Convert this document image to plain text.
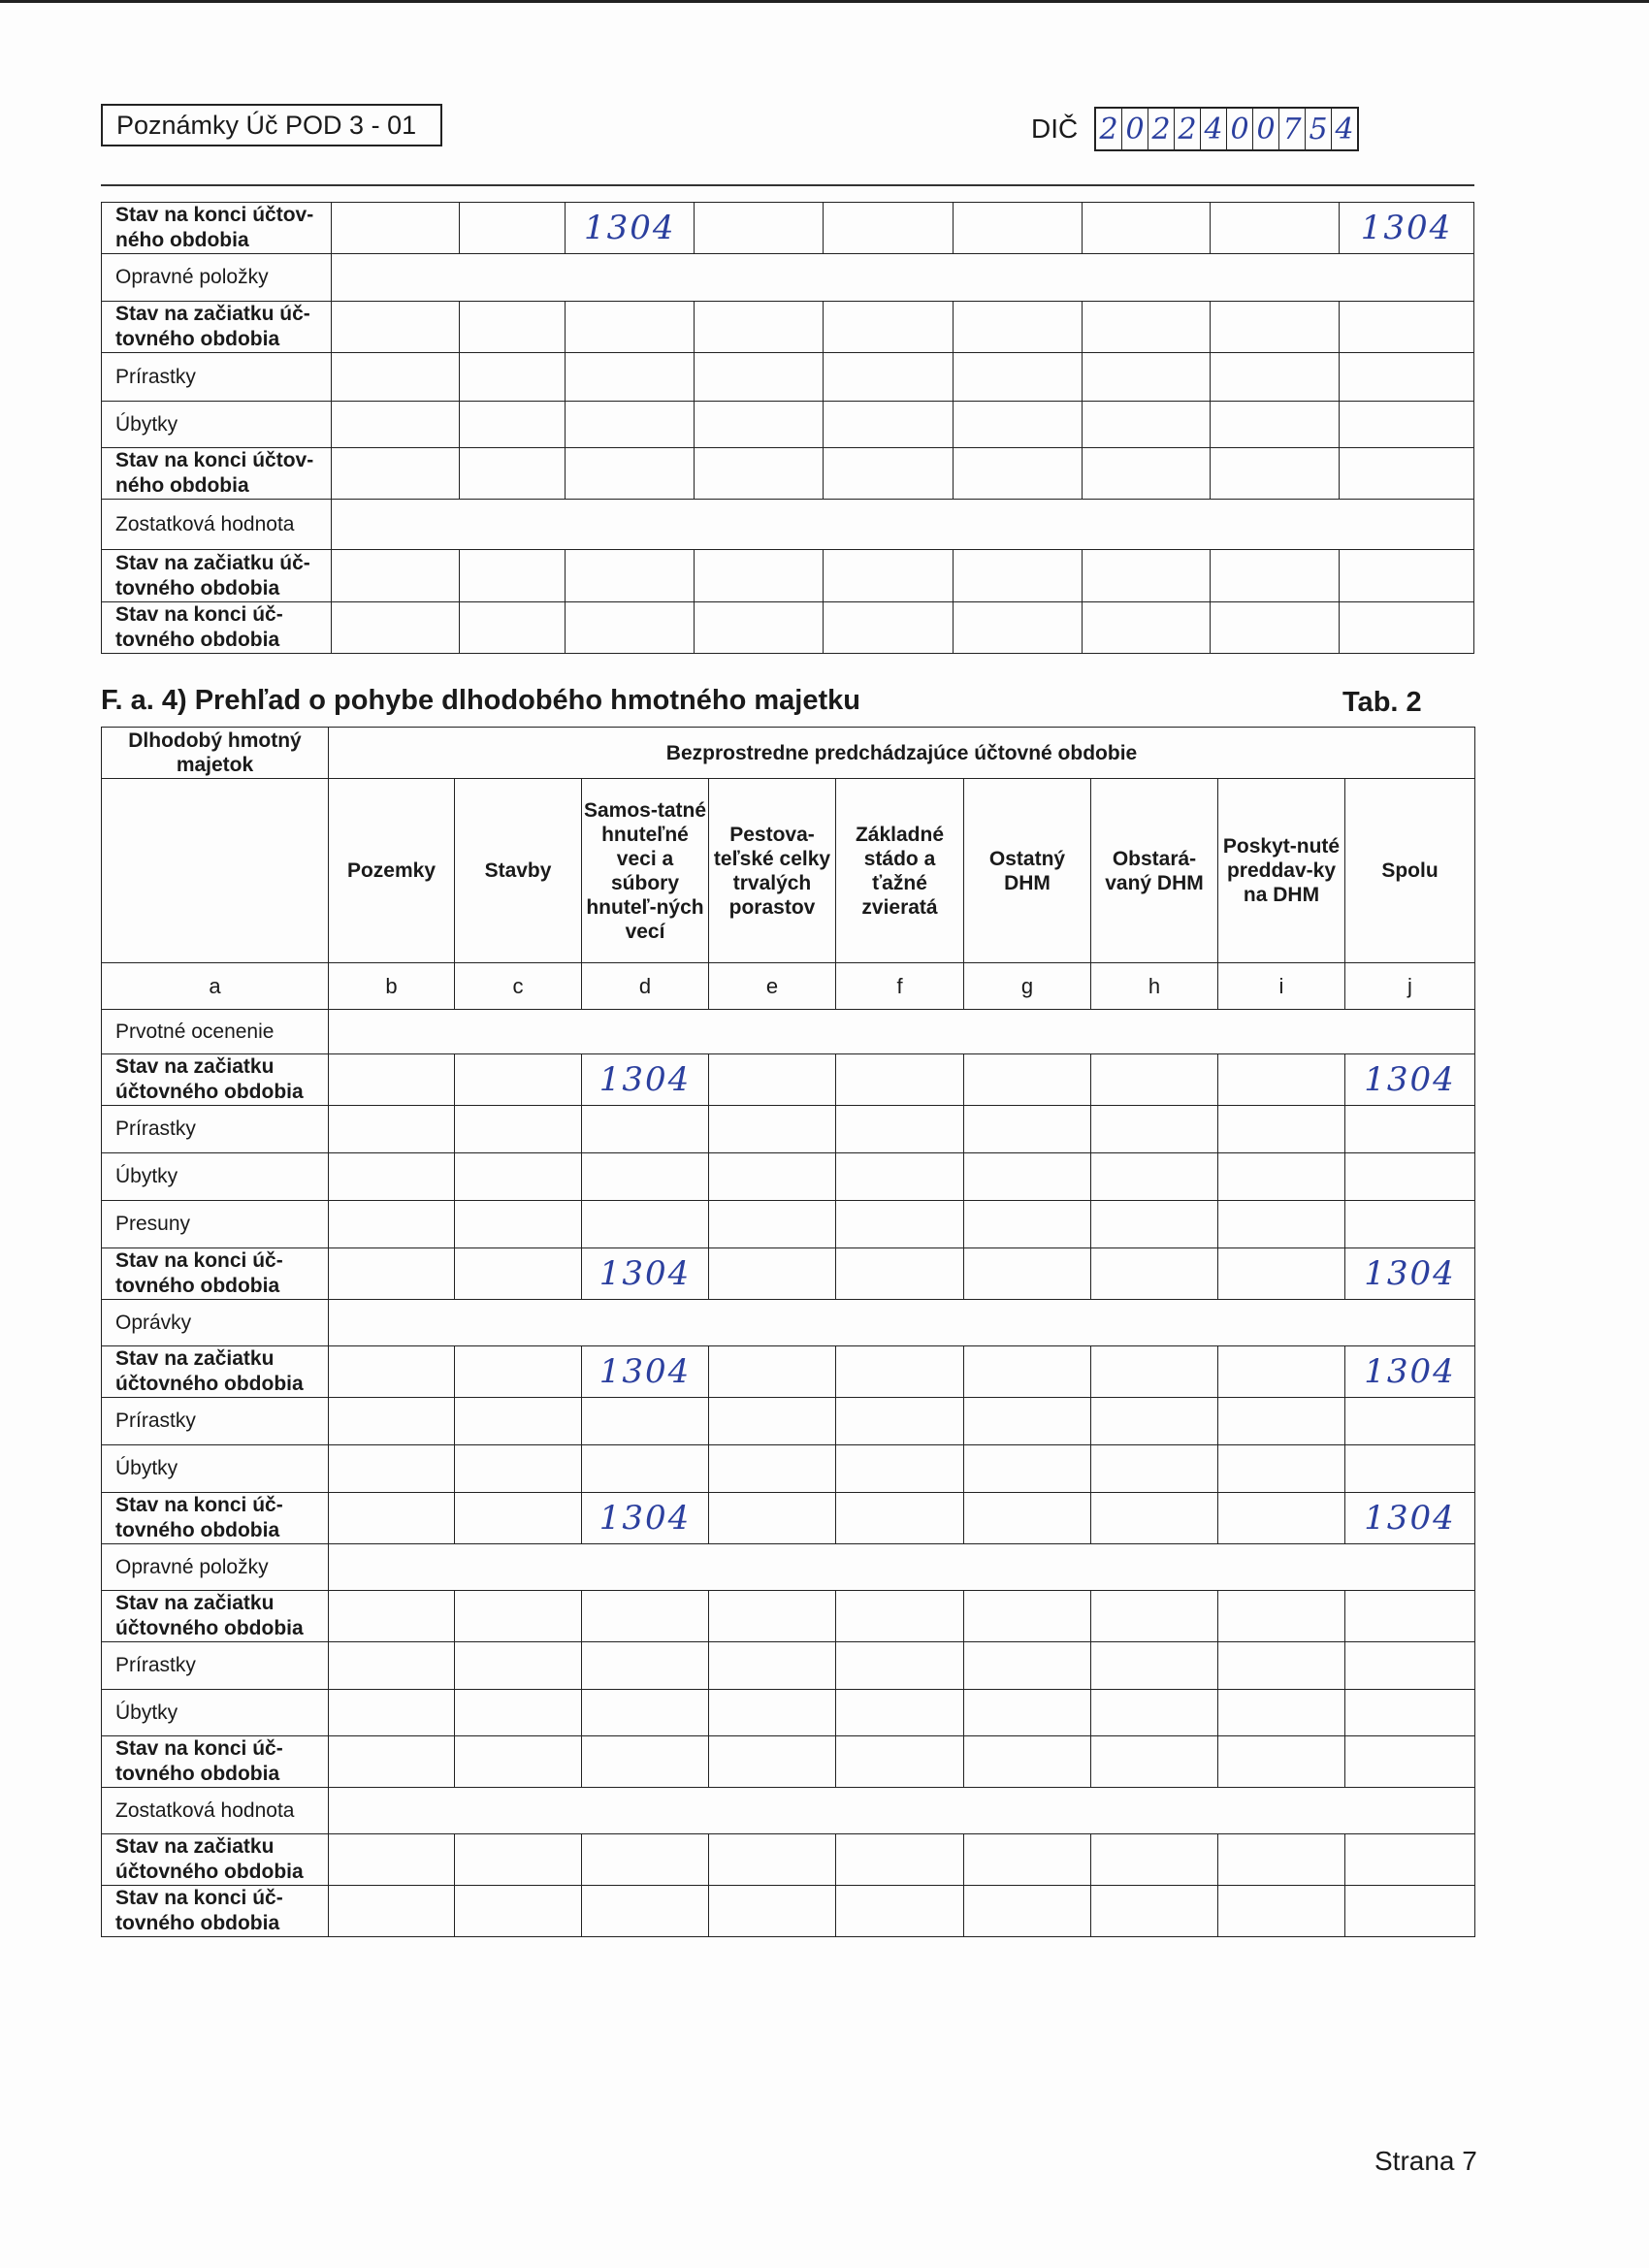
Poznámky Úč POD 3 - 01	DIČ 2 0 2 2 4 0 0 7 5 4
Stav na konci účtov-ného obdobia			1304						1304
Opravné položky									
Stav na začiatku úč-tovného obdobia									
Prírastky									
Úbytky									
Stav na konci účtov-ného obdobia									
Zostatková hodnota									
Stav na začiatku úč-tovného obdobia									
Stav na konci úč-tovného obdobia									
F. a. 4) Prehľad o pohybe dlhodobého hmotného majetku	Tab. 2
Dlhodobý hmotný majetok	Bezprostredne predchádzajúce účtovné obdobie								
	Pozemky	Stavby	Samos-tatné hnuteľné veci a súbory hnuteľ-ných vecí	Pestova-teľské celky trvalých porastov	Základné stádo a ťažné zvieratá	Ostatný DHM	Obstará-vaný DHM	Poskyt-nuté preddav-ky na DHM	Spolu
a	b	c	d	e	f	g	h	i	j
Prvotné ocenenie									
Stav na začiatku účtovného obdobia			1304						1304
Prírastky									
Úbytky									
Presuny									
Stav na konci úč-tovného obdobia			1304						1304
Oprávky									
Stav na začiatku účtovného obdobia			1304						1304
Prírastky									
Úbytky									
Stav na konci úč-tovného obdobia			1304						1304
Opravné položky									
Stav na začiatku účtovného obdobia									
Prírastky									
Úbytky									
Stav na konci úč-tovného obdobia									
Zostatková hodnota									
Stav na začiatku účtovného obdobia									
Stav na konci úč-tovného obdobia									
Strana 7
